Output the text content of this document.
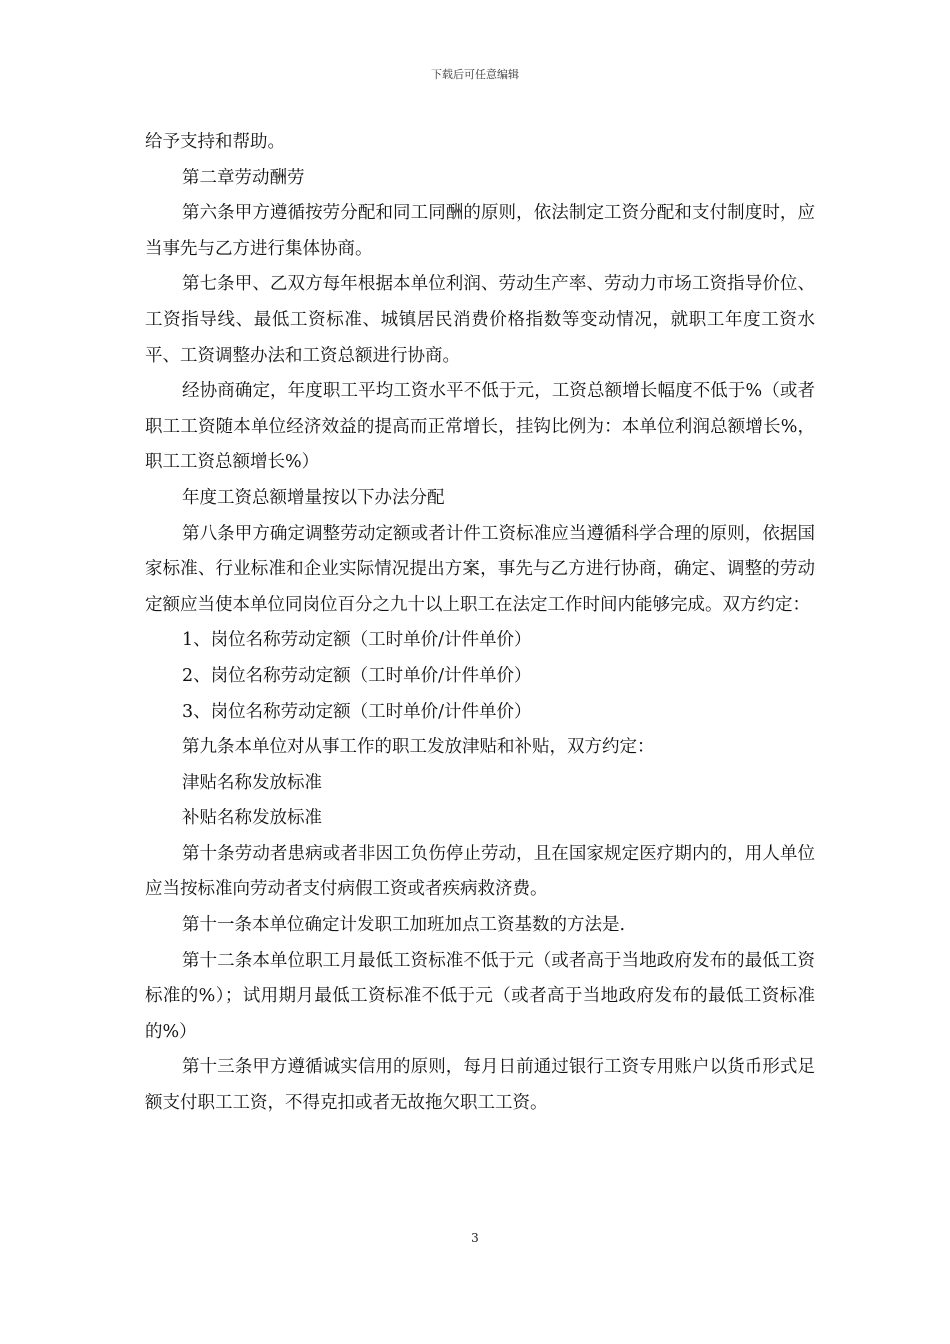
下载后可任意编辑

给予支持和帮助。

第二章劳动酬劳

第六条甲方遵循按劳分配和同工同酬的原则，依法制定工资分配和支付制度时，应当事先与乙方进行集体协商。

第七条甲、乙双方每年根据本单位利润、劳动生产率、劳动力市场工资指导价位、工资指导线、最低工资标准、城镇居民消费价格指数等变动情况，就职工年度工资水平、工资调整办法和工资总额进行协商。

经协商确定，年度职工平均工资水平不低于元，工资总额增长幅度不低于%（或者职工工资随本单位经济效益的提高而正常增长，挂钩比例为：本单位利润总额增长%，职工工资总额增长%）

年度工资总额增量按以下办法分配

第八条甲方确定调整劳动定额或者计件工资标准应当遵循科学合理的原则，依据国家标准、行业标准和企业实际情况提出方案，事先与乙方进行协商，确定、调整的劳动定额应当使本单位同岗位百分之九十以上职工在法定工作时间内能够完成。双方约定：

1、岗位名称劳动定额（工时单价/计件单价）

2、岗位名称劳动定额（工时单价/计件单价）

3、岗位名称劳动定额（工时单价/计件单价）

第九条本单位对从事工作的职工发放津贴和补贴，双方约定：

津贴名称发放标准

补贴名称发放标准

第十条劳动者患病或者非因工负伤停止劳动，且在国家规定医疗期内的，用人单位应当按标准向劳动者支付病假工资或者疾病救济费。

第十一条本单位确定计发职工加班加点工资基数的方法是.

第十二条本单位职工月最低工资标准不低于元（或者高于当地政府发布的最低工资标准的%）；试用期月最低工资标准不低于元（或者高于当地政府发布的最低工资标准的%）

第十三条甲方遵循诚实信用的原则，每月日前通过银行工资专用账户以货币形式足额支付职工工资，不得克扣或者无故拖欠职工工资。

3
